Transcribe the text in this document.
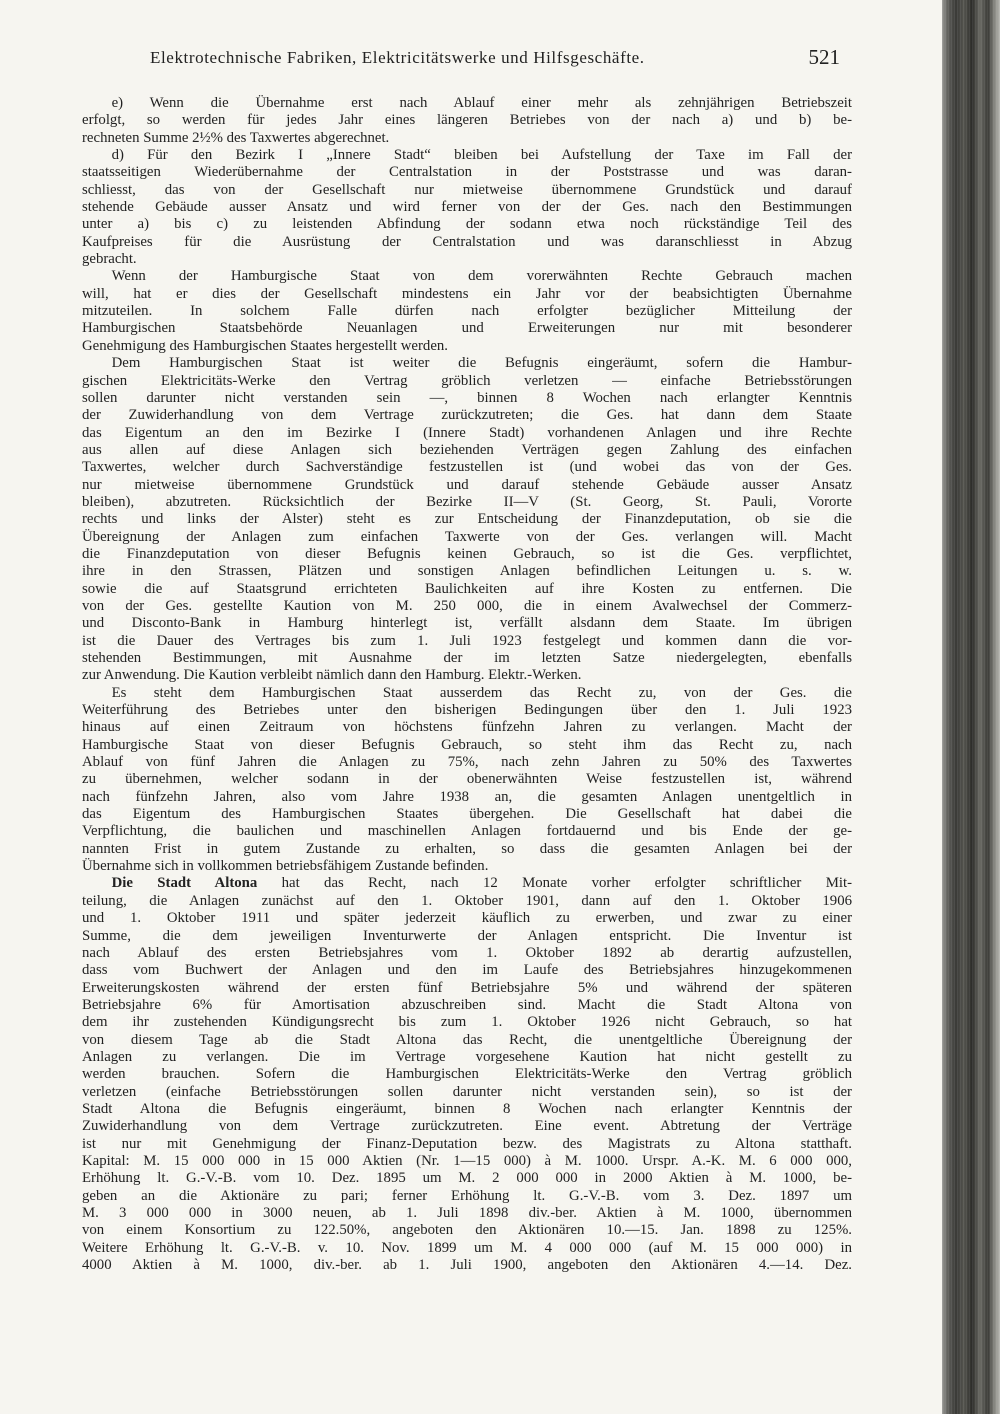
Elektrotechnische Fabriken, Elektricitätswerke und Hilfsgeschäfte.	521
  e) Wenn die Übernahme erst nach Ablauf einer mehr als zehnjährigen Betriebszeit
erfolgt, so werden für jedes Jahr eines längeren Betriebes von der nach a) und b) be-
rechneten Summe 2½% des Taxwertes abgerechnet.
  d) Für den Bezirk I „Innere Stadt“ bleiben bei Aufstellung der Taxe im Fall der
staatsseitigen Wiederübernahme der Centralstation in der Poststrasse und was daran-
schliesst, das von der Gesellschaft nur mietweise übernommene Grundstück und darauf
stehende Gebäude ausser Ansatz und wird ferner von der der Ges. nach den Bestimmungen
unter a) bis c) zu leistenden Abfindung der sodann etwa noch rückständige Teil des
Kaufpreises für die Ausrüstung der Centralstation und was daranschliesst in Abzug
gebracht.
  Wenn der Hamburgische Staat von dem vorerwähnten Rechte Gebrauch machen
will, hat er dies der Gesellschaft mindestens ein Jahr vor der beabsichtigten Übernahme
mitzuteilen. In solchem Falle dürfen nach erfolgter bezüglicher Mitteilung der
Hamburgischen Staatsbehörde Neuanlagen und Erweiterungen nur mit besonderer
Genehmigung des Hamburgischen Staates hergestellt werden.
  Dem Hamburgischen Staat ist weiter die Befugnis eingeräumt, sofern die Hambur-
gischen Elektricitäts-Werke den Vertrag gröblich verletzen — einfache Betriebsstörungen
sollen darunter nicht verstanden sein —, binnen 8 Wochen nach erlangter Kenntnis
der Zuwiderhandlung von dem Vertrage zurückzutreten; die Ges. hat dann dem Staate
das Eigentum an den im Bezirke I (Innere Stadt) vorhandenen Anlagen und ihre Rechte
aus allen auf diese Anlagen sich beziehenden Verträgen gegen Zahlung des einfachen
Taxwertes, welcher durch Sachverständige festzustellen ist (und wobei das von der Ges.
nur mietweise übernommene Grundstück und darauf stehende Gebäude ausser Ansatz
bleiben), abzutreten. Rücksichtlich der Bezirke II—V (St. Georg, St. Pauli, Vororte
rechts und links der Alster) steht es zur Entscheidung der Finanzdeputation, ob sie die
Übereignung der Anlagen zum einfachen Taxwerte von der Ges. verlangen will. Macht
die Finanzdeputation von dieser Befugnis keinen Gebrauch, so ist die Ges. verpflichtet,
ihre in den Strassen, Plätzen und sonstigen Anlagen befindlichen Leitungen u. s. w.
sowie die auf Staatsgrund errichteten Baulichkeiten auf ihre Kosten zu entfernen. Die
von der Ges. gestellte Kaution von M. 250 000, die in einem Avalwechsel der Commerz-
und Disconto-Bank in Hamburg hinterlegt ist, verfällt alsdann dem Staate. Im übrigen
ist die Dauer des Vertrages bis zum 1. Juli 1923 festgelegt und kommen dann die vor-
stehenden Bestimmungen, mit Ausnahme der im letzten Satze niedergelegten, ebenfalls
zur Anwendung. Die Kaution verbleibt nämlich dann den Hamburg. Elektr.-Werken.
  Es steht dem Hamburgischen Staat ausserdem das Recht zu, von der Ges. die
Weiterführung des Betriebes unter den bisherigen Bedingungen über den 1. Juli 1923
hinaus auf einen Zeitraum von höchstens fünfzehn Jahren zu verlangen. Macht der
Hamburgische Staat von dieser Befugnis Gebrauch, so steht ihm das Recht zu, nach
Ablauf von fünf Jahren die Anlagen zu 75%, nach zehn Jahren zu 50% des Taxwertes
zu übernehmen, welcher sodann in der obenerwähnten Weise festzustellen ist, während
nach fünfzehn Jahren, also vom Jahre 1938 an, die gesamten Anlagen unentgeltlich in
das Eigentum des Hamburgischen Staates übergehen. Die Gesellschaft hat dabei die
Verpflichtung, die baulichen und maschinellen Anlagen fortdauernd und bis Ende der ge-
nannten Frist in gutem Zustande zu erhalten, so dass die gesamten Anlagen bei der
Übernahme sich in vollkommen betriebsfähigem Zustande befinden.
  Die Stadt Altona hat das Recht, nach 12 Monate vorher erfolgter schriftlicher Mit-
teilung, die Anlagen zunächst auf den 1. Oktober 1901, dann auf den 1. Oktober 1906
und 1. Oktober 1911 und später jederzeit käuflich zu erwerben, und zwar zu einer
Summe, die dem jeweiligen Inventurwerte der Anlagen entspricht. Die Inventur ist
nach Ablauf des ersten Betriebsjahres vom 1. Oktober 1892 ab derartig aufzustellen,
dass vom Buchwert der Anlagen und den im Laufe des Betriebsjahres hinzugekommenen
Erweiterungskosten während der ersten fünf Betriebsjahre 5% und während der späteren
Betriebsjahre 6% für Amortisation abzuschreiben sind. Macht die Stadt Altona von
dem ihr zustehenden Kündigungsrecht bis zum 1. Oktober 1926 nicht Gebrauch, so hat
von diesem Tage ab die Stadt Altona das Recht, die unentgeltliche Übereignung der
Anlagen zu verlangen. Die im Vertrage vorgesehene Kaution hat nicht gestellt zu
werden brauchen. Sofern die Hamburgischen Elektricitäts-Werke den Vertrag gröblich
verletzen (einfache Betriebsstörungen sollen darunter nicht verstanden sein), so ist der
Stadt Altona die Befugnis eingeräumt, binnen 8 Wochen nach erlangter Kenntnis der
Zuwiderhandlung von dem Vertrage zurückzutreten. Eine event. Abtretung der Verträge
ist nur mit Genehmigung der Finanz-Deputation bezw. des Magistrats zu Altona statthaft.
Kapital: M. 15 000 000 in 15 000 Aktien (Nr. 1—15 000) à M. 1000. Urspr. A.-K. M. 6 000 000,
Erhöhung lt. G.-V.-B. vom 10. Dez. 1895 um M. 2 000 000 in 2000 Aktien à M. 1000, be-
geben an die Aktionäre zu pari; ferner Erhöhung lt. G.-V.-B. vom 3. Dez. 1897 um
M. 3 000 000 in 3000 neuen, ab 1. Juli 1898 div.-ber. Aktien à M. 1000, übernommen
von einem Konsortium zu 122.50%, angeboten den Aktionären 10.—15. Jan. 1898 zu 125%.
Weitere Erhöhung lt. G.-V.-B. v. 10. Nov. 1899 um M. 4 000 000 (auf M. 15 000 000) in
4000 Aktien à M. 1000, div.-ber. ab 1. Juli 1900, angeboten den Aktionären 4.—14. Dez.
